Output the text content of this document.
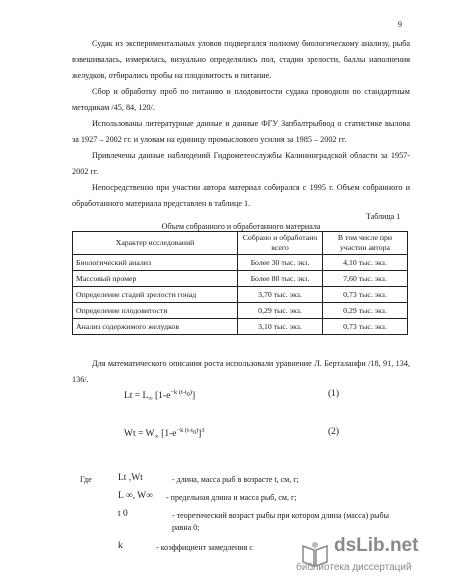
9
Судак из экспериментальных уловов подвергался полному биологическому анализу, рыба взвешивалась, измерялась, визуально определялись пол, стадии зрелости, баллы наполнения желудков, отбирались пробы на плодовитость и питание.
Сбор и обработку проб по питанию и плодовитости судака проводили по стандартным методикам /45, 84, 120/.
Использованы литературные данные и данные ФГУ Запбалтрыбвод о статистике вылова за 1927 – 2002 гг. и уловам на единицу промыслового усилия за 1985 – 2002 гг.
Привлечены данные наблюдений Гидрометеослужбы Калининградской области за 1957-2002 гг.
Непосредственно при участии автора материал собирался с 1995 г. Объем собранного и обработанного материала представлен в таблице 1.
Таблица 1
Объем собранного и обработанного материала
Характер исследований	Собрано и обработано всего	В том числе при участии автора
Биологический анализ	Более 30 тыс. экз.	4,10 тыс. экз.
Массовый промер	Более 80 тыс. экз.	7,60 тыс. экз.
Определение стадий зрелости гонад	3,70 тыс. экз.	0,73 тыс. экз.
Определение плодовитости	0,29 тыс. экз.	0,29 тыс. экз.
Анализ содержимого желудков	3,10 тыс. экз.	0,73 тыс. экз.
Для математического описания роста использовали уравнение Л. Берталанфи /18, 91, 134, 136/.
$Lt = L_\infty$ $[1-e^{-k (t-t0)}]$	(1)
$Wt = W_\infty$ $[1-e^{-k (t-t0)}]^3$	(2)
Где	Lt ,Wt	- длина, масса рыб в возрасте t, см, г;
L ∞, W∞ - предельная длина и масса рыб, см, г;
t 0	- теоретический возраст рыбы при котором длина (масса) рыбы равна 0;
k	- коэффициент замедления с	dsLib.net
библиотека диссертаций
